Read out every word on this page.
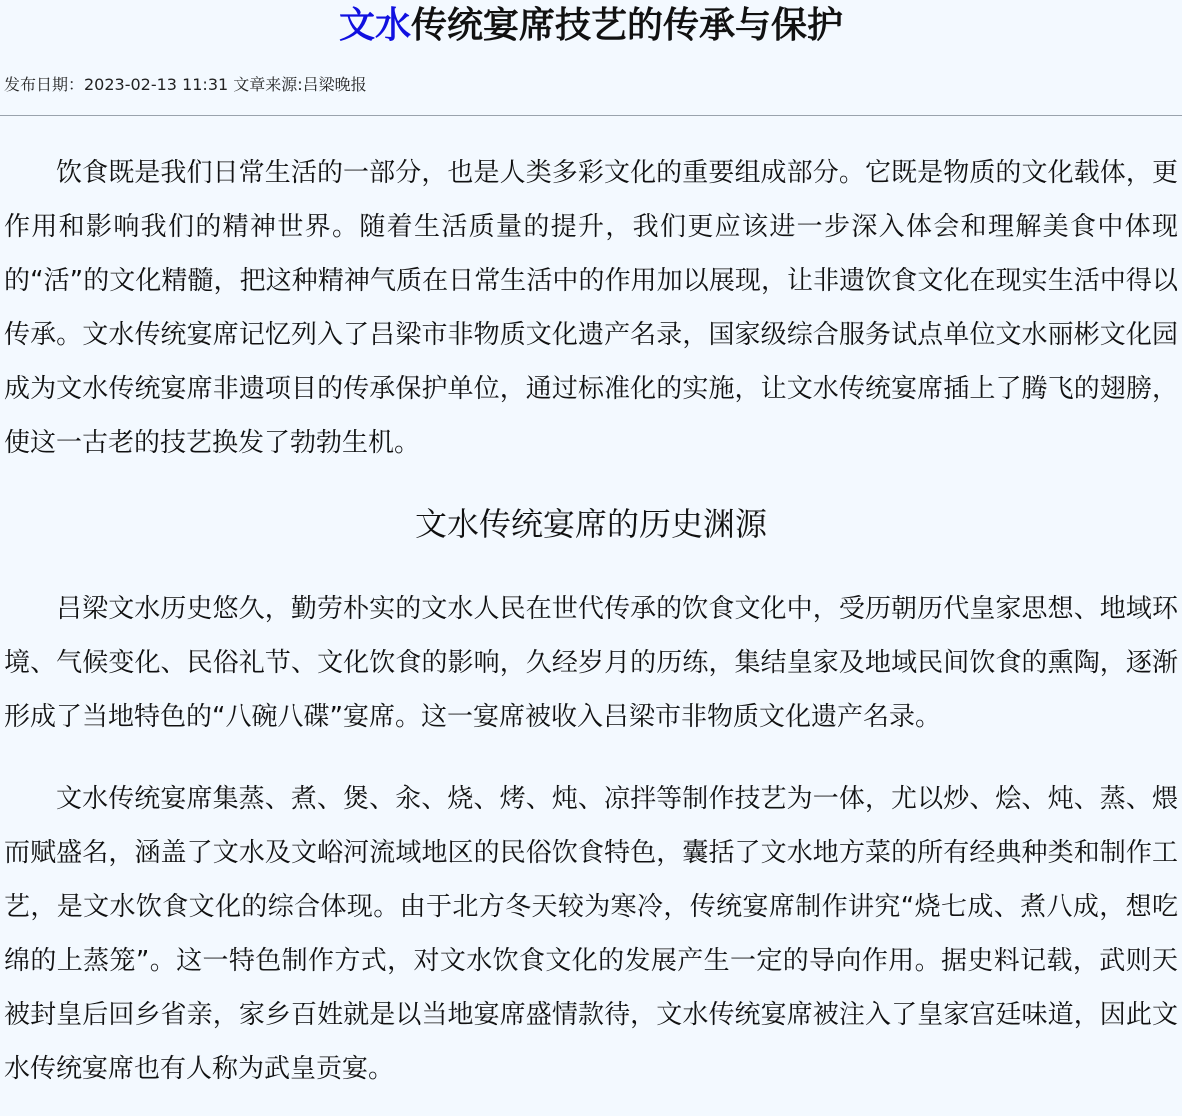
文水传统宴席技艺的传承与保护
发布日期：2023-02-13 11:31 文章来源:吕梁晚报

饮食既是我们日常生活的一部分，也是人类多彩文化的重要组成部分。它既是物质的文化载体，更作用和影响我们的精神世界。随着生活质量的提升，我们更应该进一步深入体会和理解美食中体现的“活”的文化精髓，把这种精神气质在日常生活中的作用加以展现，让非遗饮食文化在现实生活中得以传承。文水传统宴席记忆列入了吕梁市非物质文化遗产名录，国家级综合服务试点单位文水丽彬文化园成为文水传统宴席非遗项目的传承保护单位，通过标准化的实施，让文水传统宴席插上了腾飞的翅膀，使这一古老的技艺换发了勃勃生机。

文水传统宴席的历史渊源

吕梁文水历史悠久，勤劳朴实的文水人民在世代传承的饮食文化中，受历朝历代皇家思想、地域环境、气候变化、民俗礼节、文化饮食的影响，久经岁月的历练，集结皇家及地域民间饮食的熏陶，逐渐形成了当地特色的“八碗八碟”宴席。这一宴席被收入吕梁市非物质文化遗产名录。

文水传统宴席集蒸、煮、煲、汆、烧、烤、炖、凉拌等制作技艺为一体，尤以炒、烩、炖、蒸、煨而赋盛名，涵盖了文水及文峪河流域地区的民俗饮食特色，囊括了文水地方菜的所有经典种类和制作工艺，是文水饮食文化的综合体现。由于北方冬天较为寒冷，传统宴席制作讲究“烧七成、煮八成，想吃绵的上蒸笼”。这一特色制作方式，对文水饮食文化的发展产生一定的导向作用。据史料记载，武则天被封皇后回乡省亲，家乡百姓就是以当地宴席盛情款待，文水传统宴席被注入了皇家宫廷味道，因此文水传统宴席也有人称为武皇贡宴。
